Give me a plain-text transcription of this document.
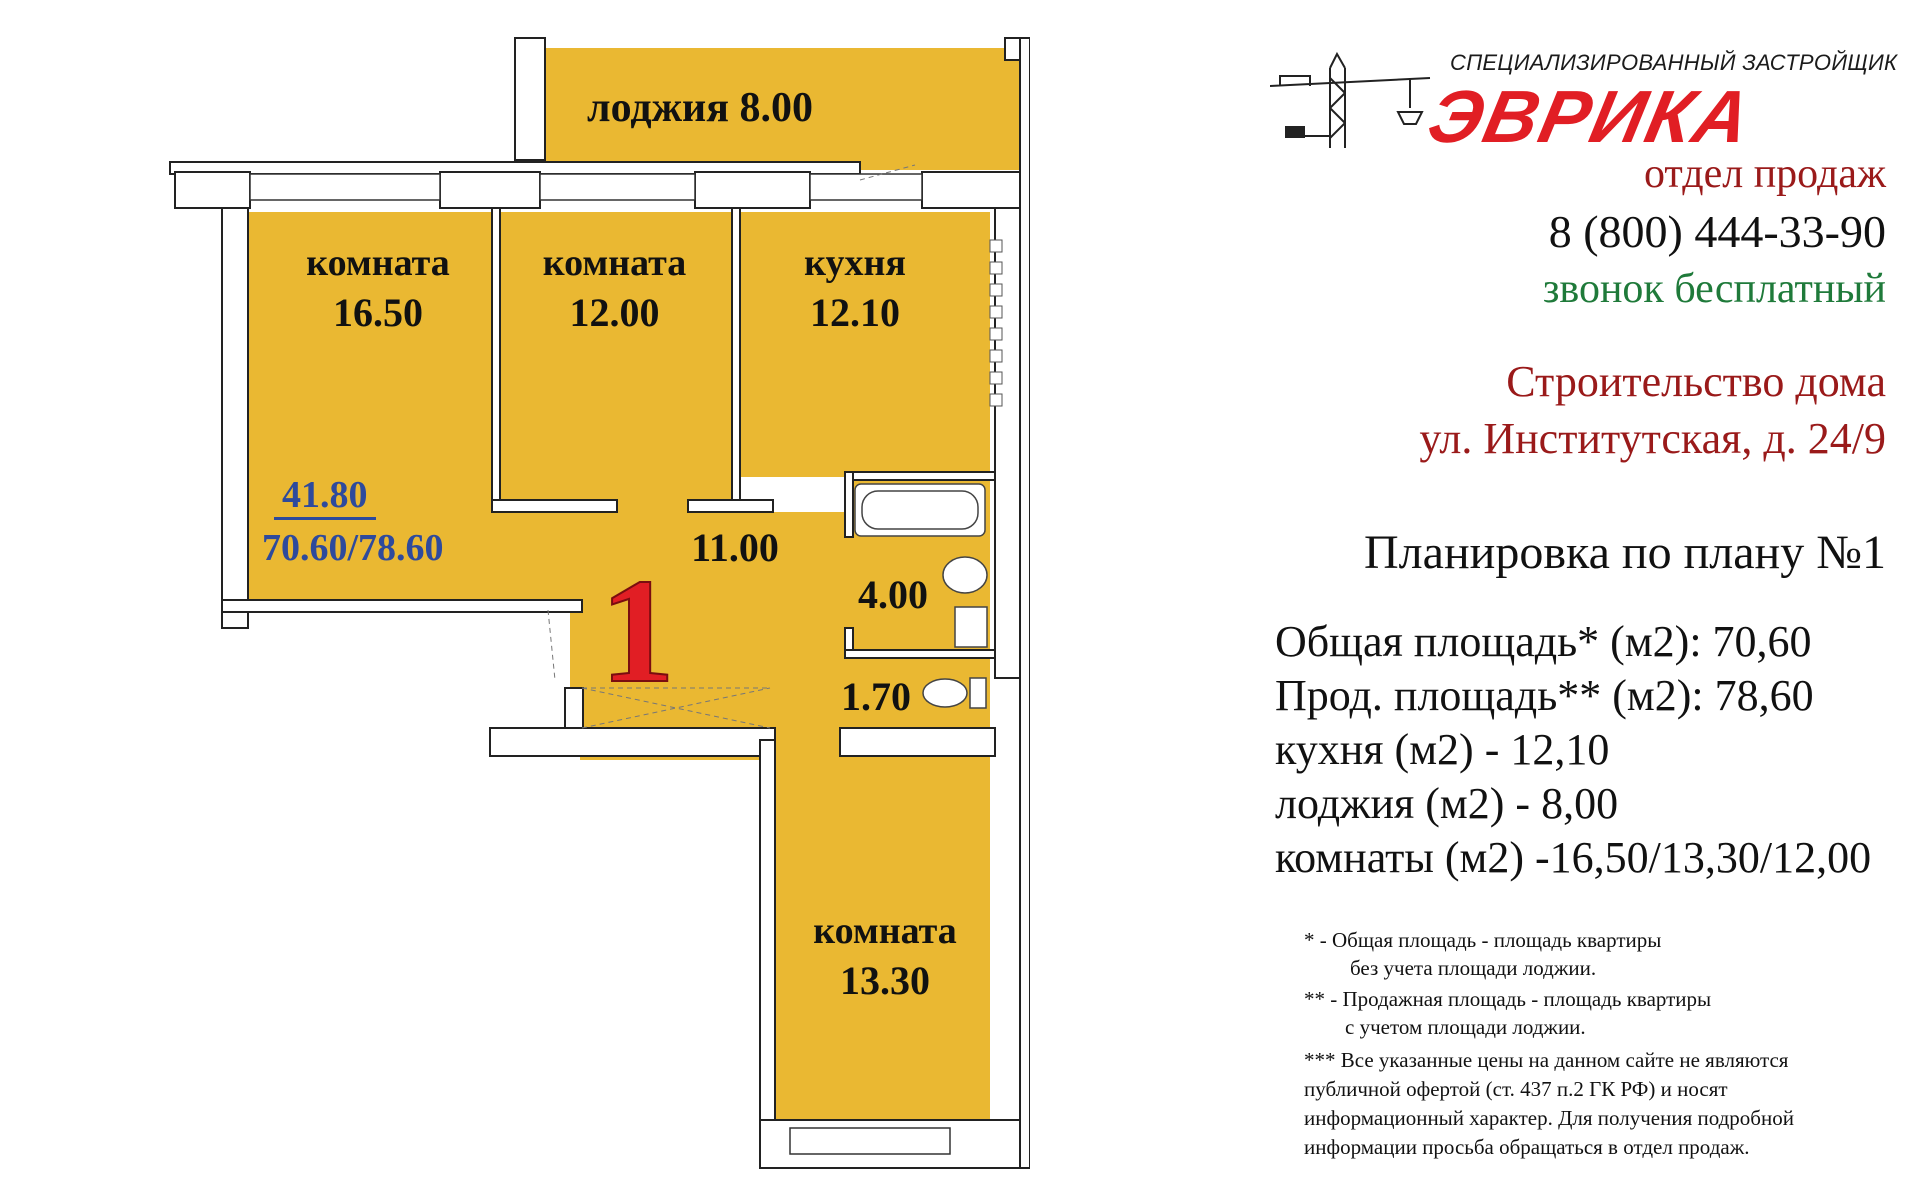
лоджия 8.00
комната
16.50
комната
12.00
кухня
12.10
11.00
4.00
1.70
комната
13.30
41.80
70.60/78.60 1
СПЕЦИАЛИЗИРОВАННЫЙ ЗАСТРОЙЩИК
ЭВРИКА
отдел продаж
8 (800) 444-33-90
звонок бесплатный
Строительство дома
ул. Институтская, д. 24/9
Планировка по плану №1
Общая площадь* (м2): 70,60
Прод. площадь** (м2): 78,60
кухня (м2) - 12,10
лоджия (м2) - 8,00
комнаты (м2) -16,50/13,30/12,00
* - Общая площадь - площадь квартиры
без учета площади лоджии.
** - Продажная площадь - площадь квартиры
с учетом площади лоджии.
*** Все указанные цены на данном сайте не являются
публичной офертой (ст. 437 п.2 ГК РФ) и носят
информационный характер. Для получения подробной
информации просьба обращаться в отдел продаж.
